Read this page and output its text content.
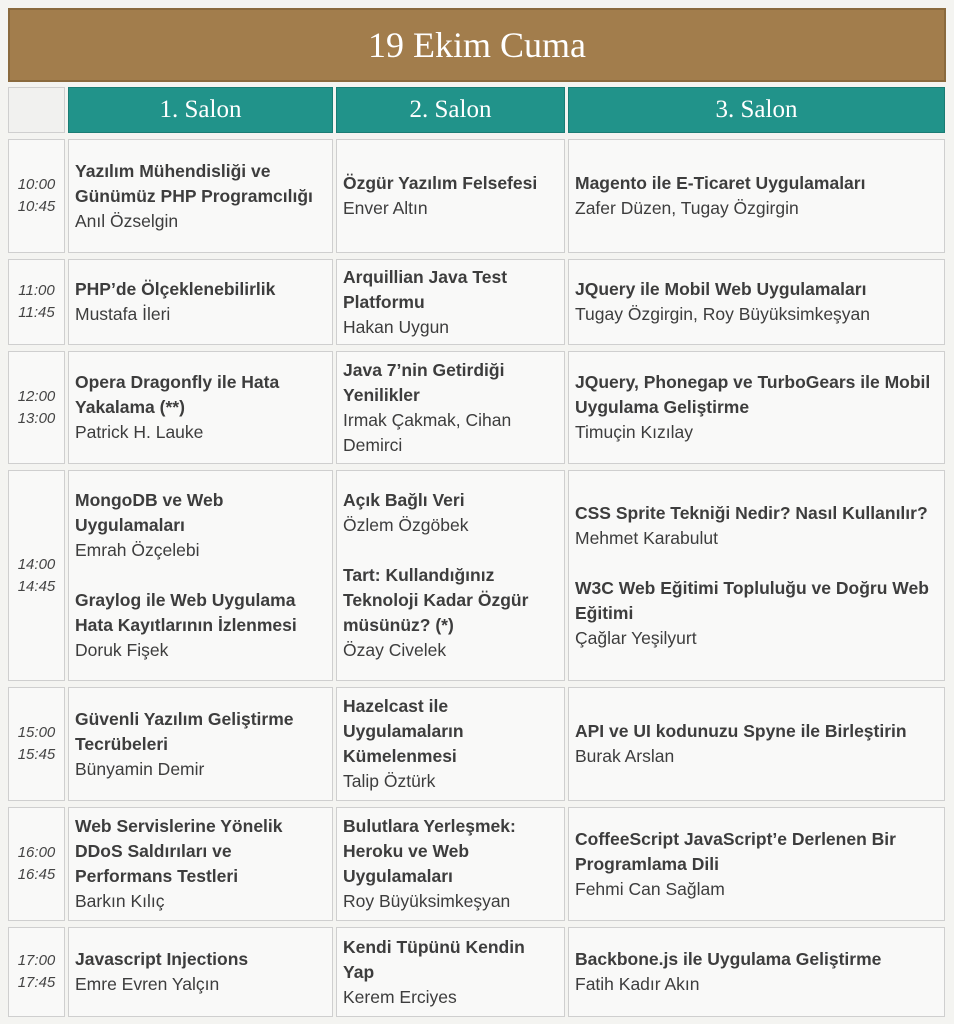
19 Ekim Cuma
1. Salon	2. Salon	3. Salon
10:00
10:45
Yazılım Mühendisliği ve Günümüz PHP Programcılığı
Anıl Özselgin
Özgür Yazılım Felsefesi
Enver Altın
Magento ile E-Ticaret Uygulamaları
Zafer Düzen, Tugay Özgirgin
11:00
11:45
PHP’de Ölçeklenebilirlik
Mustafa İleri
Arquillian Java Test Platformu
Hakan Uygun
JQuery ile Mobil Web Uygulamaları
Tugay Özgirgin, Roy Büyüksimkeşyan
12:00
13:00
Opera Dragonfly ile Hata Yakalama (**)
Patrick H. Lauke
Java 7’nin Getirdiği Yenilikler
Irmak Çakmak, Cihan Demirci
JQuery, Phonegap ve TurboGears ile Mobil Uygulama Geliştirme
Timuçin Kızılay
14:00
14:45
MongoDB ve Web Uygulamaları
Emrah Özçelebi
Graylog ile Web Uygulama Hata Kayıtlarının İzlenmesi
Doruk Fişek
Açık Bağlı Veri
Özlem Özgöbek
Tart: Kullandığınız Teknoloji Kadar Özgür müsünüz? (*)
Özay Civelek
CSS Sprite Tekniği Nedir? Nasıl Kullanılır?
Mehmet Karabulut
W3C Web Eğitimi Topluluğu ve Doğru Web Eğitimi
Çağlar Yeşilyurt
15:00
15:45
Güvenli Yazılım Geliştirme Tecrübeleri
Bünyamin Demir
Hazelcast ile Uygulamaların Kümelenmesi
Talip Öztürk
API ve UI kodunuzu Spyne ile Birleştirin
Burak Arslan
16:00
16:45
Web Servislerine Yönelik DDoS Saldırıları ve Performans Testleri
Barkın Kılıç
Bulutlara Yerleşmek: Heroku ve Web Uygulamaları
Roy Büyüksimkeşyan
CoffeeScript JavaScript’e Derlenen Bir Programlama Dili
Fehmi Can Sağlam
17:00
17:45
Javascript Injections
Emre Evren Yalçın
Kendi Tüpünü Kendin Yap
Kerem Erciyes
Backbone.js ile Uygulama Geliştirme
Fatih Kadır Akın
